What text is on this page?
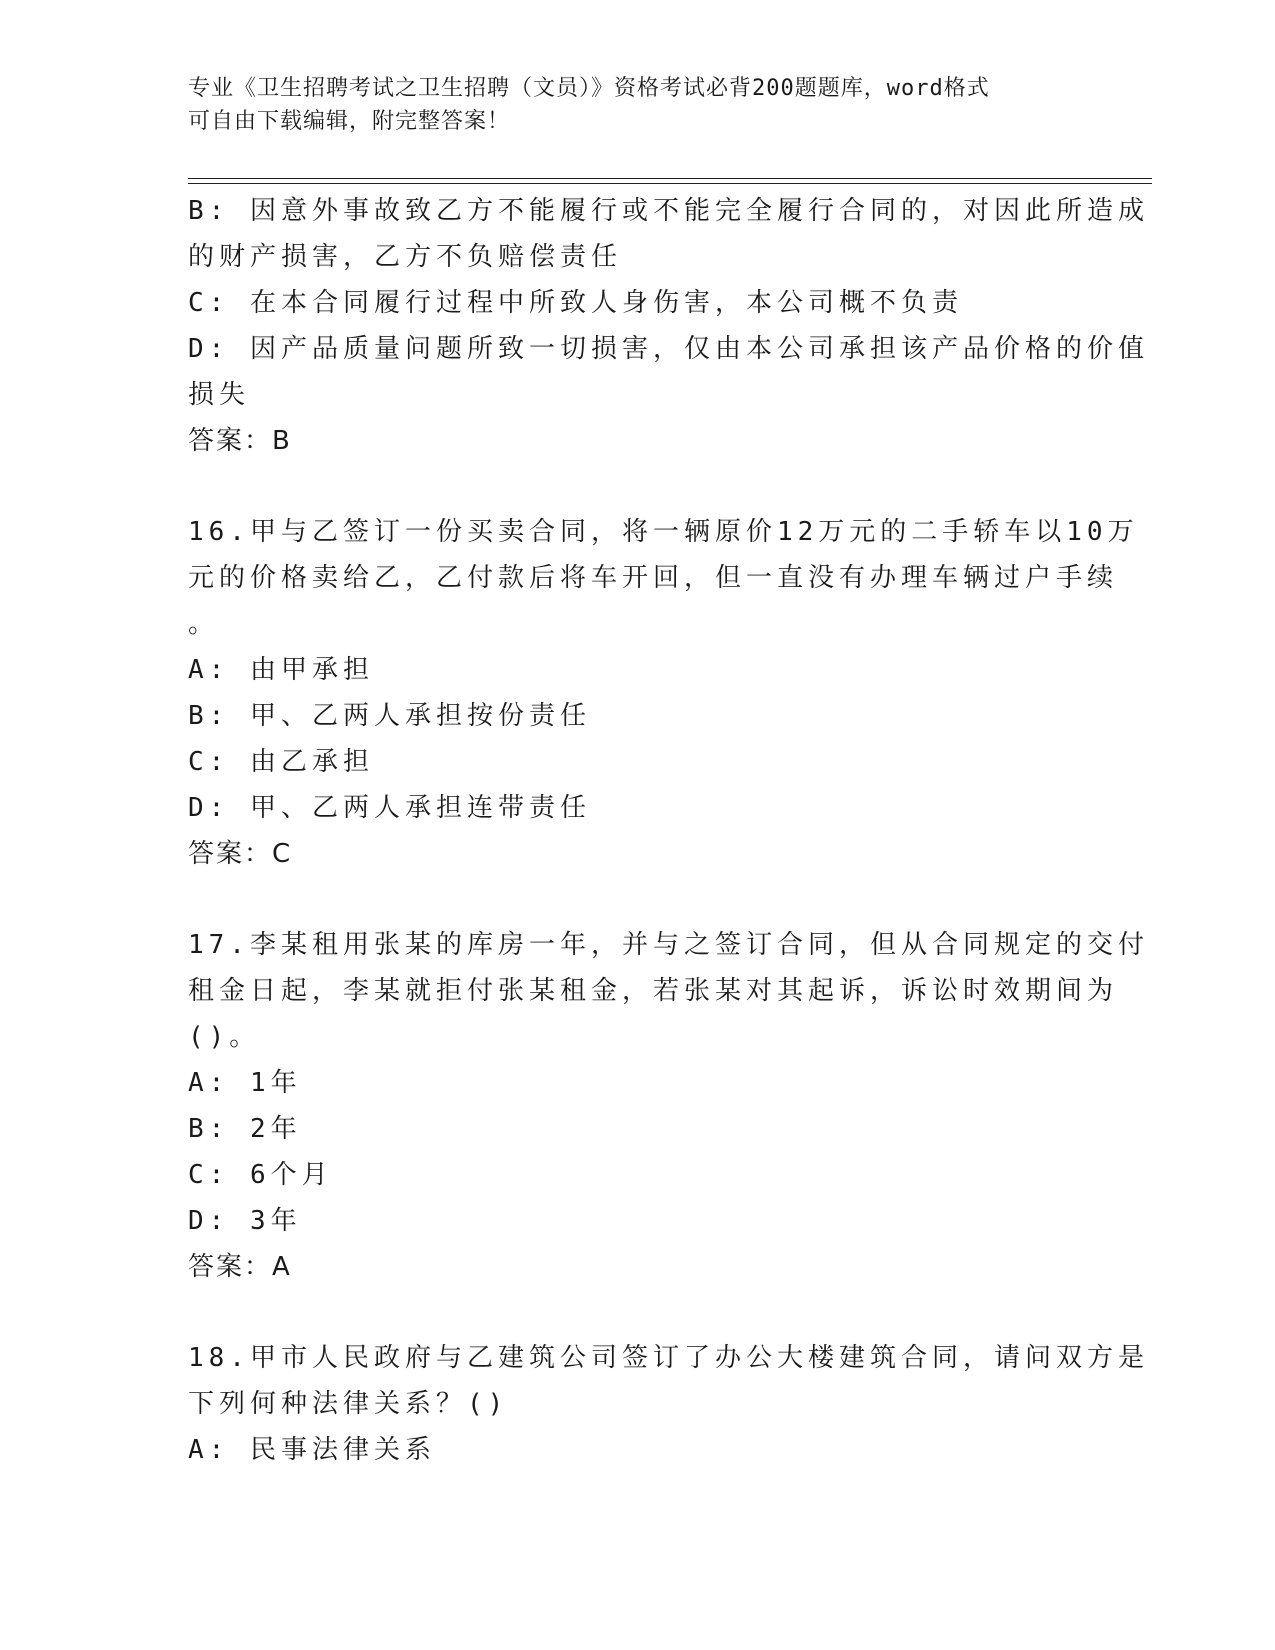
专业《卫生招聘考试之卫生招聘（文员）》资格考试必背200题题库，word格式
可自由下载编辑，附完整答案！
B: 因意外事故致乙方不能履行或不能完全履行合同的，对因此所造成
的财产损害，乙方不负赔偿责任
C: 在本合同履行过程中所致人身伤害，本公司概不负责
D: 因产品质量问题所致一切损害，仅由本公司承担该产品价格的价值
损失
答案：B
16.甲与乙签订一份买卖合同，将一辆原价12万元的二手轿车以10万
元的价格卖给乙，乙付款后将车开回，但一直没有办理车辆过户手续
。
A: 由甲承担
B: 甲、乙两人承担按份责任
C: 由乙承担
D: 甲、乙两人承担连带责任
答案：C
17.李某租用张某的库房一年，并与之签订合同，但从合同规定的交付
租金日起，李某就拒付张某租金，若张某对其起诉，诉讼时效期间为
()。
A: 1年
B: 2年
C: 6个月
D: 3年
答案：A
18.甲市人民政府与乙建筑公司签订了办公大楼建筑合同，请问双方是
下列何种法律关系？()
A: 民事法律关系
